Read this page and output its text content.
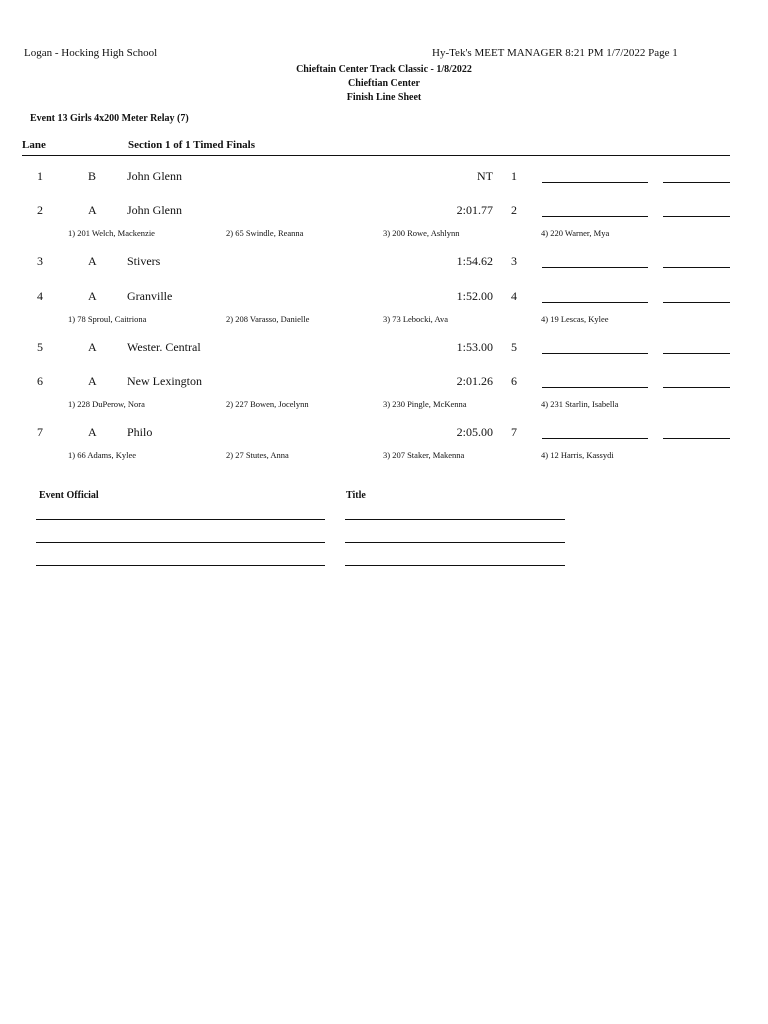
Logan - Hocking High School	Hy-Tek's MEET MANAGER 8:21 PM 1/7/2022 Page 1
Chieftain Center Track Classic - 1/8/2022
Chieftian Center
Finish Line Sheet
Event 13 Girls 4x200 Meter Relay (7)
Lane	Section 1 of 1 Timed Finals
1	B	John Glenn	NT 1
2	A	John Glenn	2:01.77 2
1) 201 Welch, Mackenzie	2) 65 Swindle, Reanna	3) 200 Rowe, Ashlynn	4) 220 Warner, Mya
3	A	Stivers	1:54.62 3
4	A	Granville	1:52.00 4
1) 78 Sproul, Caitriona	2) 208 Varasso, Danielle	3) 73 Lebocki, Ava	4) 19 Lescas, Kylee
5	A	Wester. Central	1:53.00 5
6	A	New Lexington	2:01.26 6
1) 228 DuPerow, Nora	2) 227 Bowen, Jocelynn	3) 230 Pingle, McKenna	4) 231 Starlin, Isabella
7	A	Philo	2:05.00 7
1) 66 Adams, Kylee	2) 27 Stutes, Anna	3) 207 Staker, Makenna	4) 12 Harris, Kassydi
Event Official	Title
